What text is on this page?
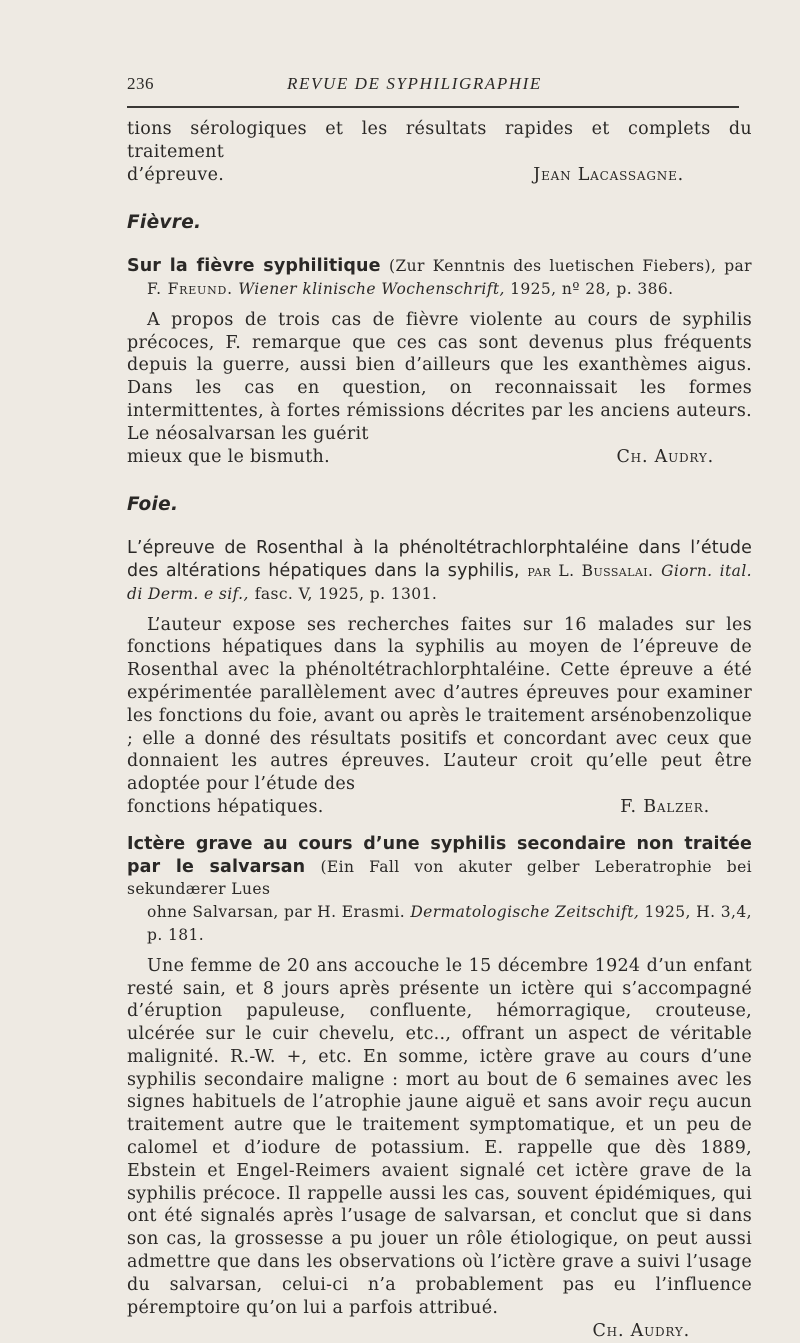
236	REVUE DE SYPHILIGRAPHIE

tions sérologiques et les résultats rapides et complets du traitement

d’épreuve.	Jean Lacassagne.
Fièvre.

Sur la fièvre syphilitique (Zur Kenntnis des luetischen Fiebers), par

F. Freund. Wiener klinische Wochenschrift, 1925, nº 28, p. 386.

A propos de trois cas de fièvre violente au cours de syphilis précoces, F. remarque que ces cas sont devenus plus fréquents depuis la guerre, aussi bien d’ailleurs que les exanthèmes aigus. Dans les cas en question, on reconnaissait les formes intermittentes, à fortes rémissions décrites par les anciens auteurs. Le néosalvarsan les guérit

mieux que le bismuth.	Ch. Audry.
Foie.

L’épreuve de Rosenthal à la phénoltétrachlorphtaléine dans l’étude des altérations hépatiques dans la syphilis, par L. Bussalai. Giorn. ital. di Derm. e sif., fasc. V, 1925, p. 1301.

L’auteur expose ses recherches faites sur 16 malades sur les fonctions hépatiques dans la syphilis au moyen de l’épreuve de Rosenthal avec la phénoltétrachlorphtaléine. Cette épreuve a été expérimentée parallèlement avec d’autres épreuves pour examiner les fonctions du foie, avant ou après le traitement arsénobenzolique ; elle a donné des résultats positifs et concordant avec ceux que donnaient les autres épreuves. L’auteur croit qu’elle peut être adoptée pour l’étude des

fonctions hépatiques.	F. Balzer.

Ictère grave au cours d’une syphilis secondaire non traitée par le salvarsan (Ein Fall von akuter gelber Leberatrophie bei sekundærer Lues

ohne Salvarsan, par H. Erasmi. Dermatologische Zeitschift, 1925, H. 3,4,
p. 181.

Une femme de 20 ans accouche le 15 décembre 1924 d’un enfant resté sain, et 8 jours après présente un ictère qui s’accompagné d’éruption papuleuse, confluente, hémorragique, crouteuse, ulcérée sur le cuir chevelu, etc.., offrant un aspect de véritable malignité. R.-W. +, etc. En somme, ictère grave au cours d’une syphilis secondaire maligne : mort au bout de 6 semaines avec les signes habituels de l’atrophie jaune aiguë et sans avoir reçu aucun traitement autre que le traitement symptomatique, et un peu de calomel et d’iodure de potassium. E. rappelle que dès 1889, Ebstein et Engel-Reimers avaient signalé cet ictère grave de la syphilis précoce. Il rappelle aussi les cas, souvent épidémiques, qui ont été signalés après l’usage de salvarsan, et conclut que si dans son cas, la grossesse a pu jouer un rôle étiologique, on peut aussi admettre que dans les observations où l’ictère grave a suivi l’usage du salvarsan, celui-ci n’a probablement pas eu l’influence péremptoire qu’on lui a parfois attribué.

Ch. Audry.
